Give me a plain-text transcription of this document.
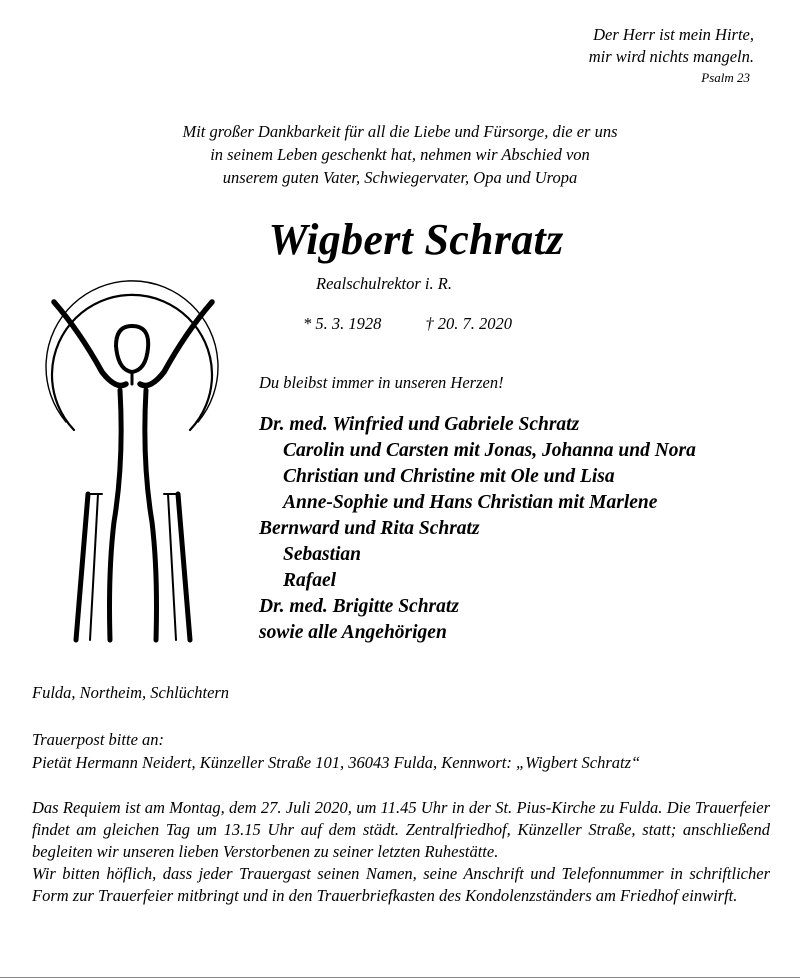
Der Herr ist mein Hirte,
mir wird nichts mangeln.
Psalm 23
Mit großer Dankbarkeit für all die Liebe und Fürsorge, die er uns
in seinem Leben geschenkt hat, nehmen wir Abschied von
unserem guten Vater, Schwiegervater, Opa und Uropa
Wigbert Schratz
Realschulrektor i. R.
* 5. 3. 1928	† 20. 7. 2020
Du bleibst immer in unseren Herzen!
Dr. med. Winfried und Gabriele Schratz
Carolin und Carsten mit Jonas, Johanna und Nora
Christian und Christine mit Ole und Lisa
Anne-Sophie und Hans Christian mit Marlene
Bernward und Rita Schratz
Sebastian
Rafael
Dr. med. Brigitte Schratz
sowie alle Angehörigen
Fulda, Northeim, Schlüchtern
Trauerpost bitte an:
Pietät Hermann Neidert, Künzeller Straße 101, 36043 Fulda, Kennwort: „Wigbert Schratz“

Das Requiem ist am Montag, dem 27. Juli 2020, um 11.45 Uhr in der St. Pius-Kirche zu Fulda. Die Trauerfeier findet am gleichen Tag um 13.15 Uhr auf dem städt. Zentralfriedhof, Künzeller Straße, statt; anschließend begleiten wir unseren lieben Verstorbenen zu seiner letzten Ruhestätte.

Wir bitten höflich, dass jeder Trauergast seinen Namen, seine Anschrift und Telefonnummer in schriftlicher Form zur Trauerfeier mitbringt und in den Trauerbriefkasten des Kondolenzständers am Friedhof einwirft.
